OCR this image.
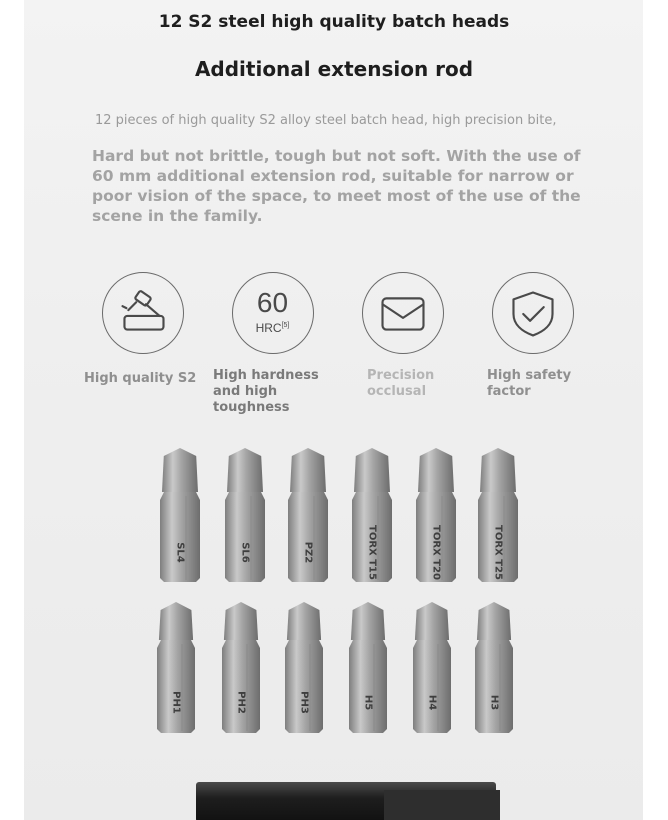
12 S2 steel high quality batch heads
Additional extension rod
12 pieces of high quality S2 alloy steel batch head, high precision bite,
Hard but not brittle, tough but not soft. With the use of 60 mm additional extension rod, suitable for narrow or poor vision of the space, to meet most of the use of the scene in the family.
60
HRC[5]
High quality S2 High hardness and high toughness
Precision occlusal
High safety factor
SL4	SL6	PZ2	TORX T15	TORX T20	TORX T25
PH1	PH2	PH3	H5	H4	H3
